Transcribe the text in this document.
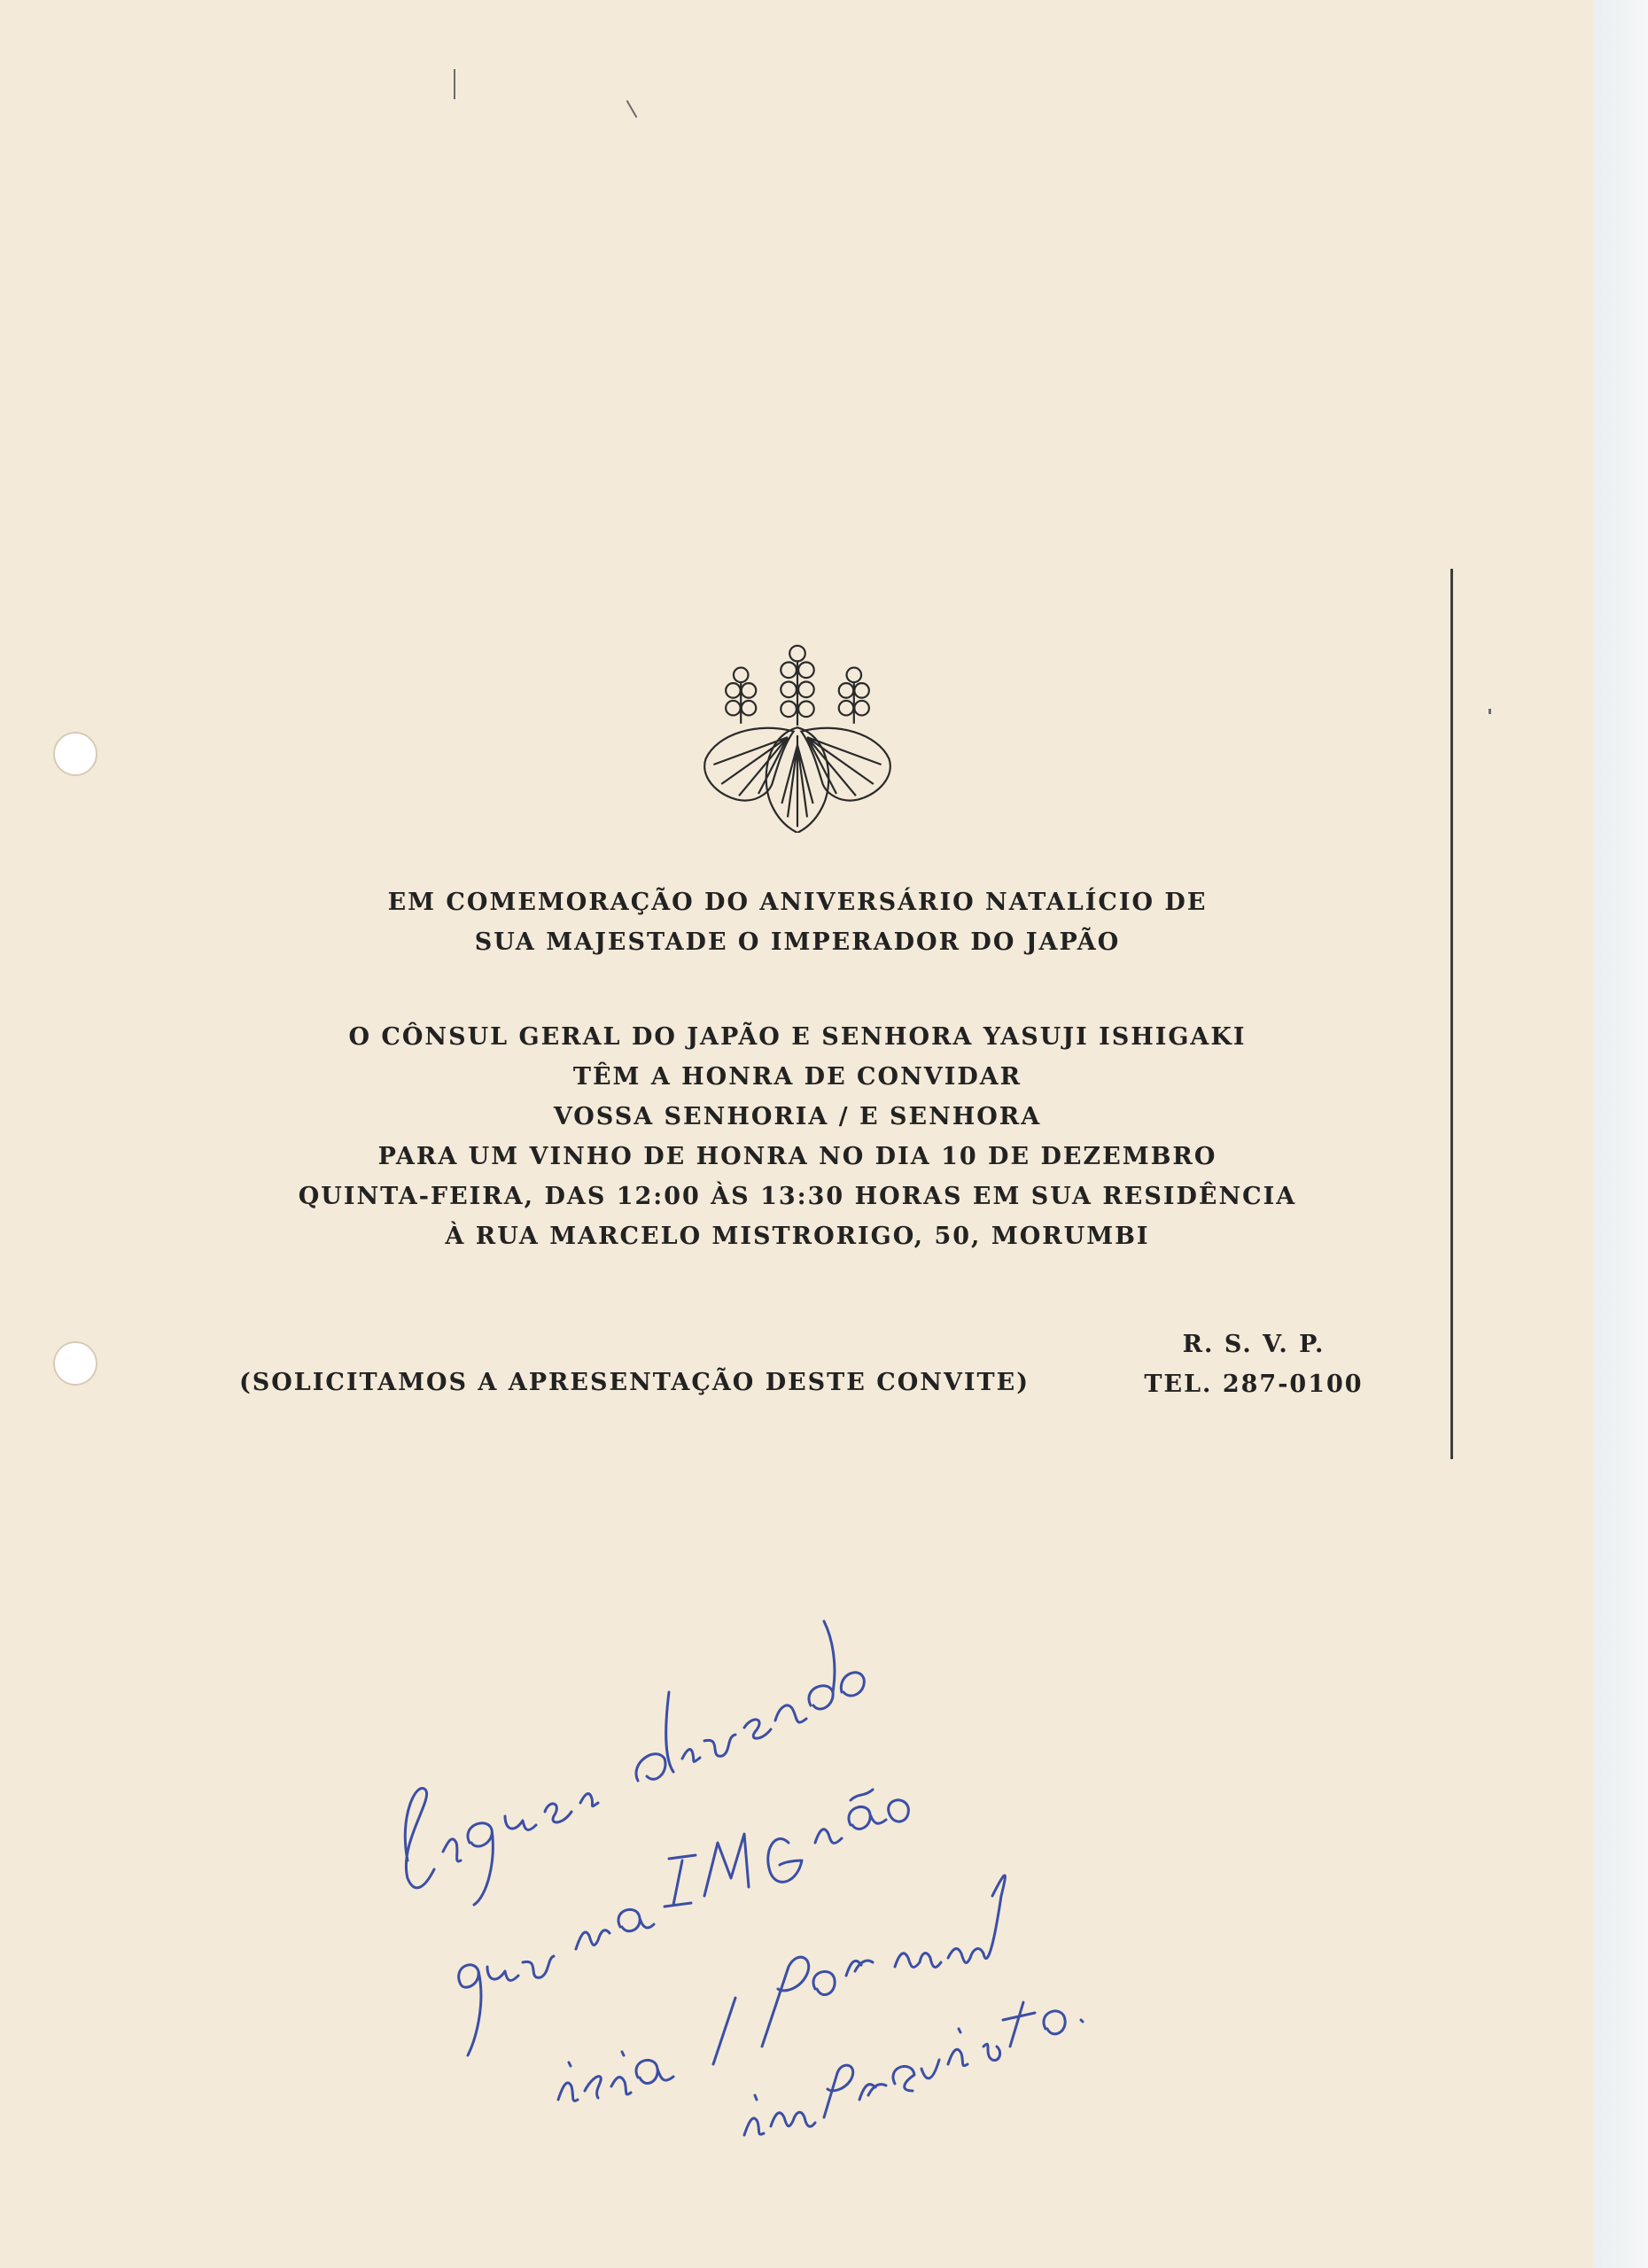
EM COMEMORAÇÃO DO ANIVERSÁRIO NATALÍCIO DE
SUA MAJESTADE O IMPERADOR DO JAPÃO
O CÔNSUL GERAL DO JAPÃO E SENHORA YASUJI ISHIGAKI
TÊM A HONRA DE CONVIDAR
VOSSA SENHORIA / E SENHORA
PARA UM VINHO DE HONRA NO DIA 10 DE DEZEMBRO
QUINTA-FEIRA, DAS 12:00 ÀS 13:30 HORAS EM SUA RESIDÊNCIA
À RUA MARCELO MISTRORIGO, 50, MORUMBI
(SOLICITAMOS A APRESENTAÇÃO DESTE CONVITE)
R. S. V. P.
TEL. 287-0100
